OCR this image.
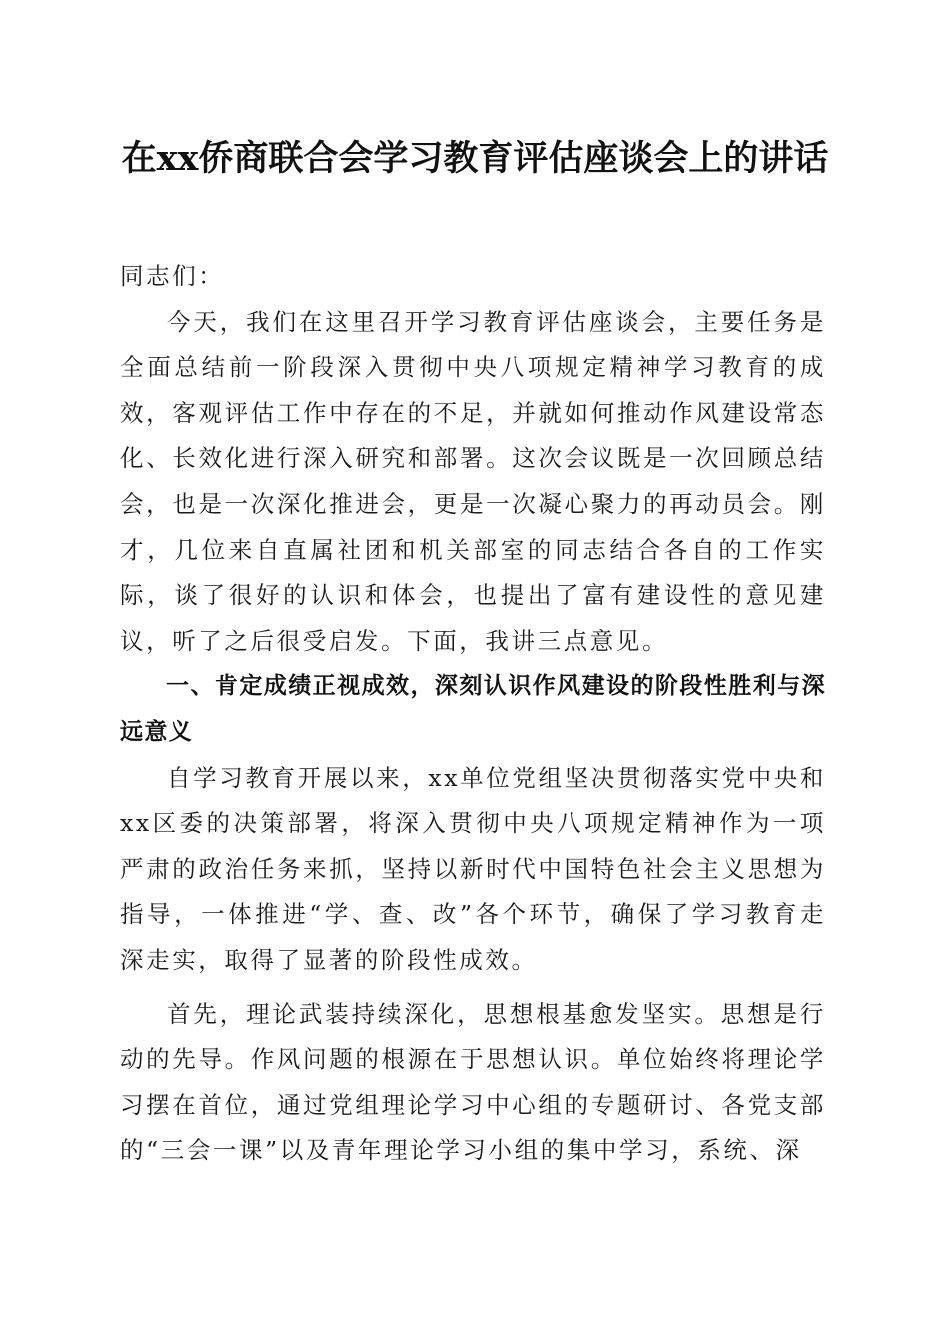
在xx侨商联合会学习教育评估座谈会上的讲话

同志们：

今天，我们在这里召开学习教育评估座谈会，主要任务是全面总结前一阶段深入贯彻中央八项规定精神学习教育的成效，客观评估工作中存在的不足，并就如何推动作风建设常态化、长效化进行深入研究和部署。这次会议既是一次回顾总结会，也是一次深化推进会，更是一次凝心聚力的再动员会。刚才，几位来自直属社团和机关部室的同志结合各自的工作实际，谈了很好的认识和体会，也提出了富有建设性的意见建议，听了之后很受启发。下面，我讲三点意见。

一、肯定成绩正视成效，深刻认识作风建设的阶段性胜利与深远意义

自学习教育开展以来，xx单位党组坚决贯彻落实党中央和xx区委的决策部署，将深入贯彻中央八项规定精神作为一项严肃的政治任务来抓，坚持以新时代中国特色社会主义思想为指导，一体推进“学、查、改”各个环节，确保了学习教育走深走实，取得了显著的阶段性成效。

首先，理论武装持续深化，思想根基愈发坚实。思想是行动的先导。作风问题的根源在于思想认识。单位始终将理论学习摆在首位，通过党组理论学习中心组的专题研讨、各党支部的“三会一课”以及青年理论学习小组的集中学习，系统、深
